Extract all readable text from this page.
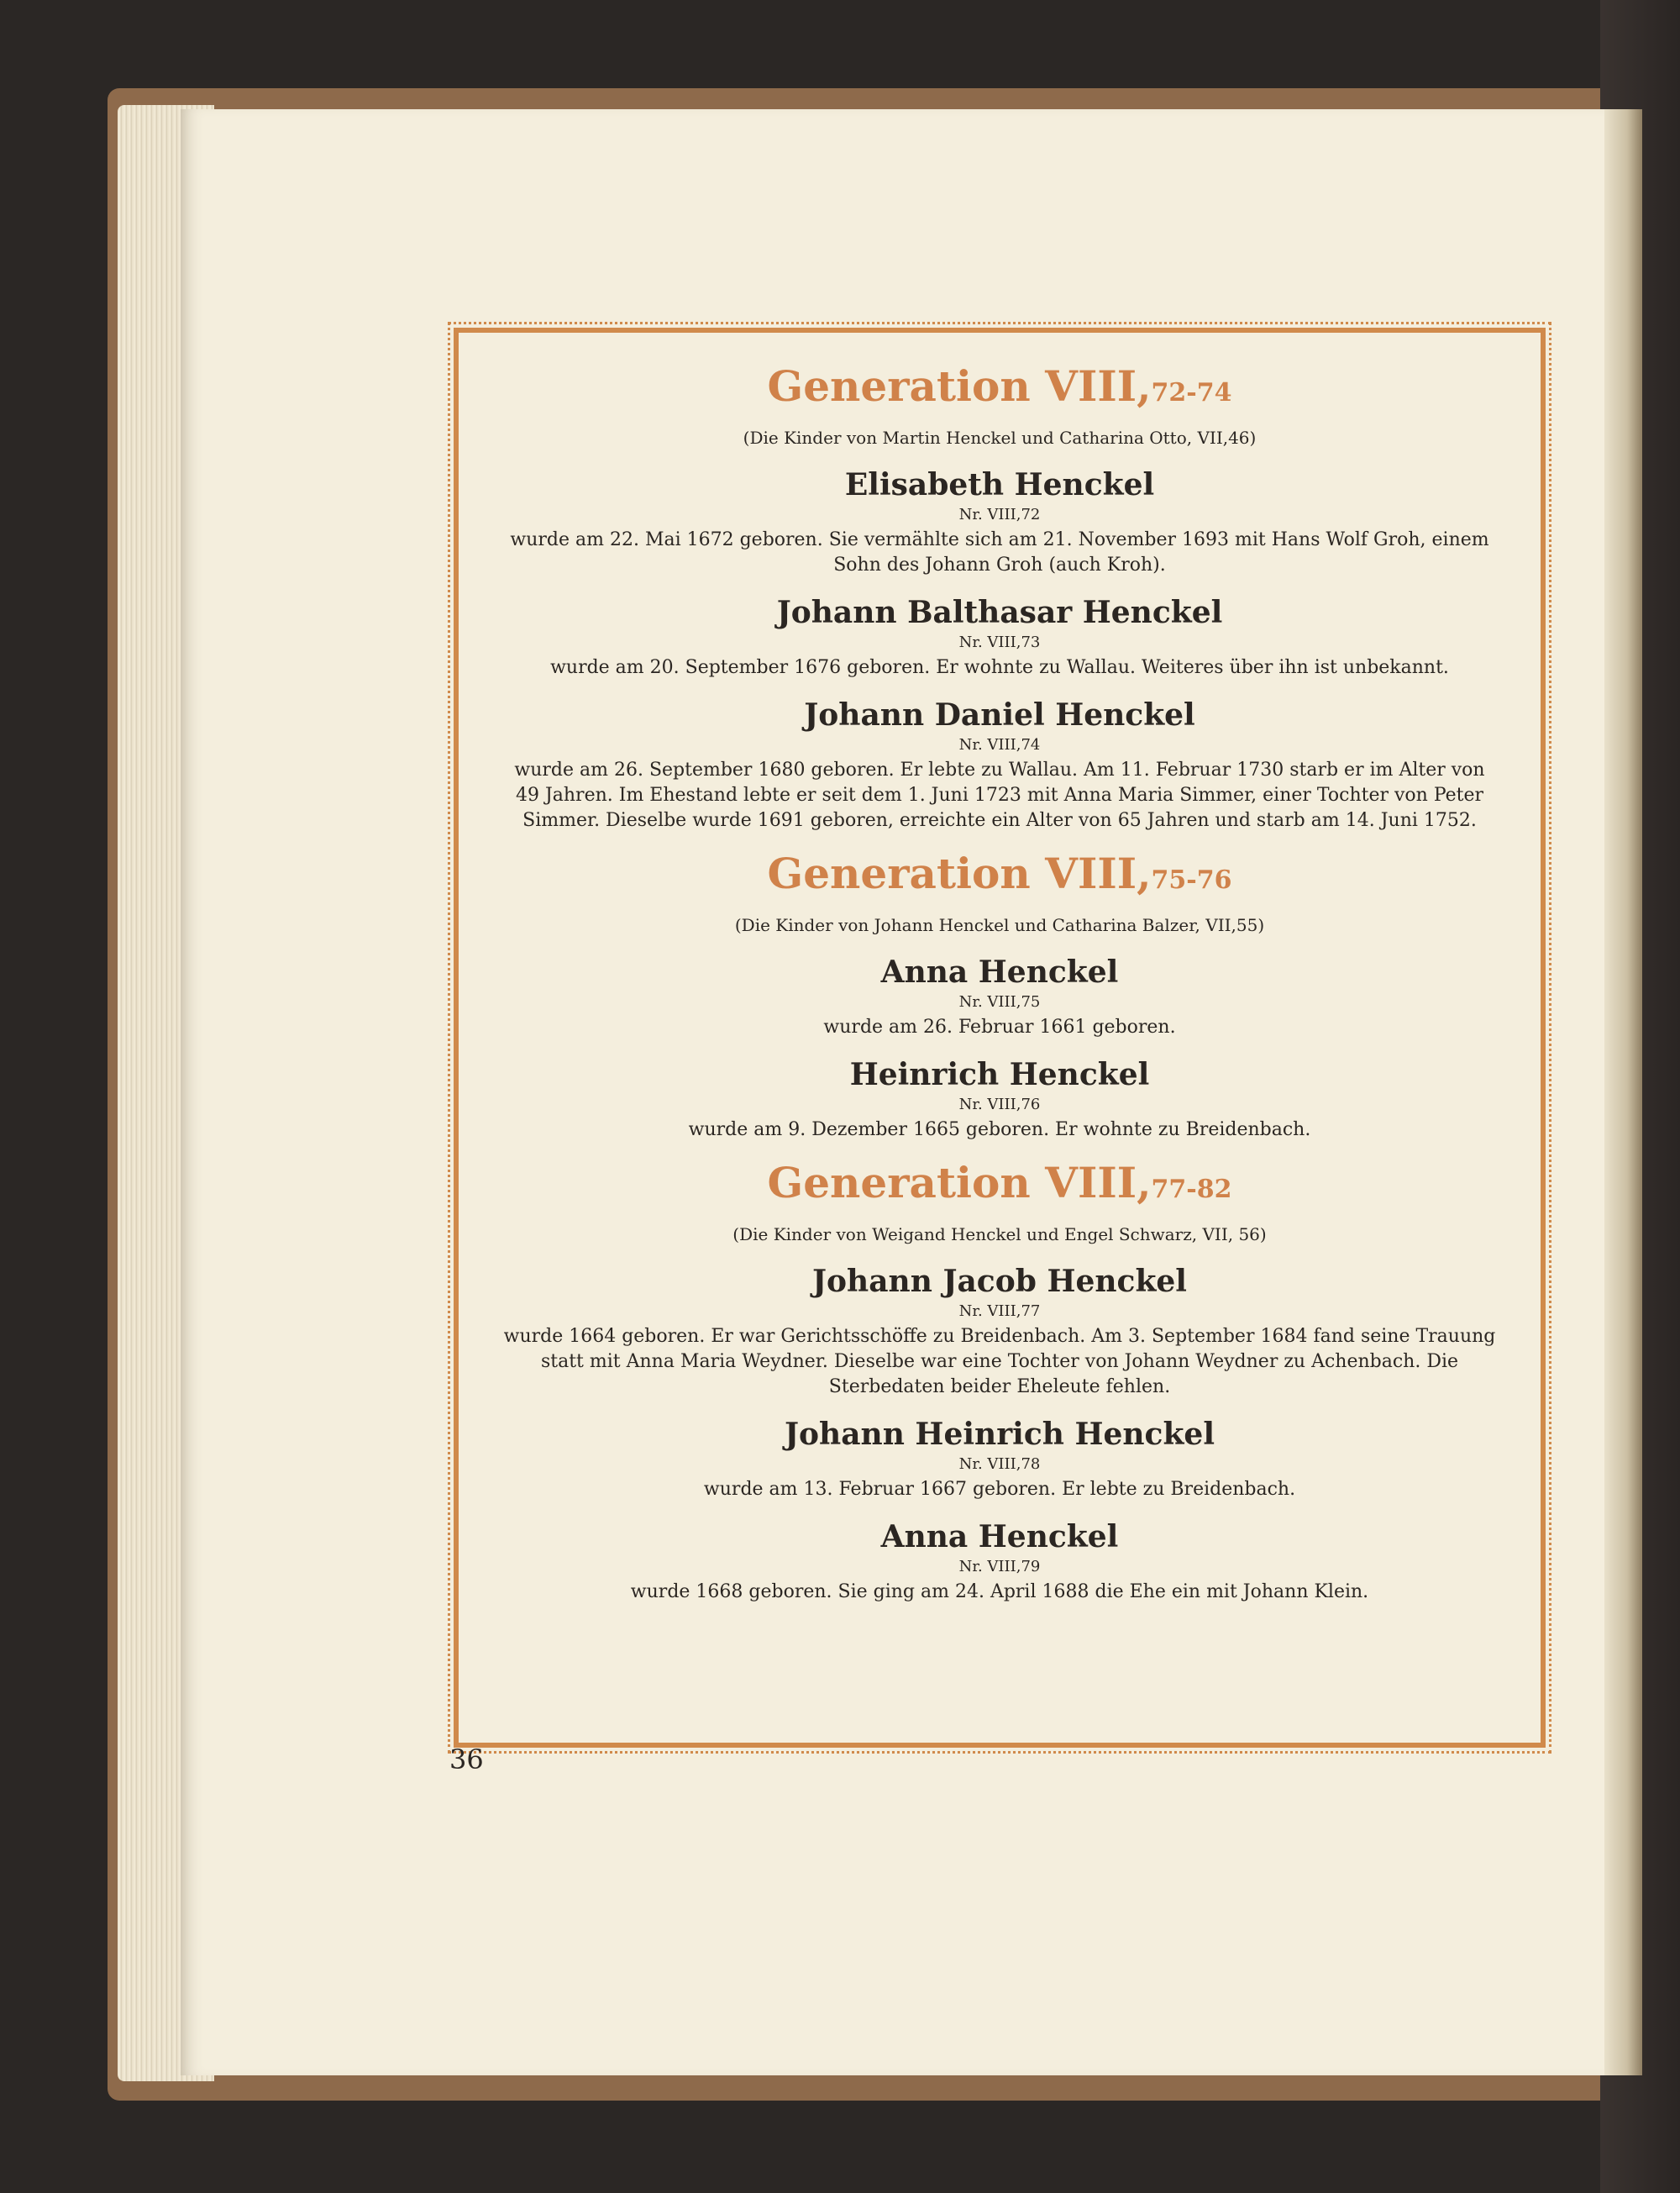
Generation VIII,72-74

(Die Kinder von Martin Henckel und Catharina Otto, VII,46)

Elisabeth Henckel

Nr. VIII,72

wurde am 22. Mai 1672 geboren. Sie vermählte sich am 21. November 1693 mit Hans Wolf Groh, einem Sohn des Johann Groh (auch Kroh).

Johann Balthasar Henckel

Nr. VIII,73

wurde am 20. September 1676 geboren. Er wohnte zu Wallau. Weiteres über ihn ist unbekannt.

Johann Daniel Henckel

Nr. VIII,74

wurde am 26. September 1680 geboren. Er lebte zu Wallau. Am 11. Februar 1730 starb er im Alter von 49 Jahren. Im Ehestand lebte er seit dem 1. Juni 1723 mit Anna Maria Simmer, einer Tochter von Peter Simmer. Dieselbe wurde 1691 geboren, erreichte ein Alter von 65 Jahren und starb am 14. Juni 1752.

Generation VIII,75-76

(Die Kinder von Johann Henckel und Catharina Balzer, VII,55)

Anna Henckel

Nr. VIII,75

wurde am 26. Februar 1661 geboren.

Heinrich Henckel

Nr. VIII,76

wurde am 9. Dezember 1665 geboren. Er wohnte zu Breidenbach.

Generation VIII,77-82

(Die Kinder von Weigand Henckel und Engel Schwarz, VII, 56)

Johann Jacob Henckel

Nr. VIII,77

wurde 1664 geboren. Er war Gerichtsschöffe zu Breidenbach. Am 3. September 1684 fand seine Trauung statt mit Anna Maria Weydner. Dieselbe war eine Tochter von Johann Weydner zu Achenbach. Die Sterbedaten beider Eheleute fehlen.

Johann Heinrich Henckel

Nr. VIII,78

wurde am 13. Februar 1667 geboren. Er lebte zu Breidenbach.

Anna Henckel

Nr. VIII,79

wurde 1668 geboren. Sie ging am 24. April 1688 die Ehe ein mit Johann Klein.

36
